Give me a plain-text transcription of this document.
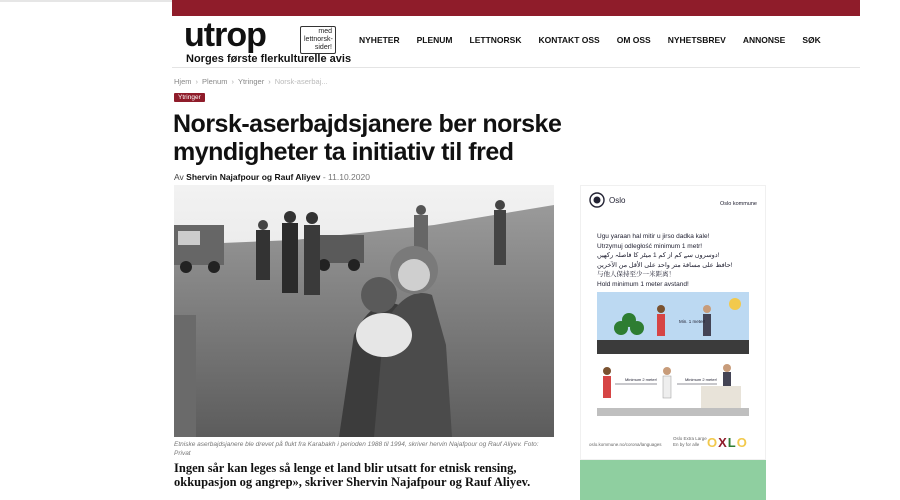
utrop	med lettnorsk-sider!
Norges første flerkulturelle avis
NYHETER PLENUM LETTNORSK KONTAKT OSS OM OSS NYHETSBREV ANNONSE SØK
Hjem › Plenum › Ytringer › Norsk-aserbaj...
Ytringer
Norsk-aserbajdsjanere ber norske myndigheter ta initiativ til fred
Av Shervin Najafpour og Rauf Aliyev - 11.10.2020
Etniske aserbajdsjanere ble drevet på flukt fra Karabakh i perioden 1988 til 1994, skriver hervin Najafpour og Rauf Aliyev. Foto: Privat
Ingen sår kan leges så lenge et land blir utsatt for etnisk rensing, okkupasjon og angrep», skriver Shervin Najafpour og Rauf Aliyev.
Oslo	Oslo kommune
Ugu yaraan hal mitir u jirso dadka kale!
Utrzymuj odległość minimum 1 metr!
دوسروں سے کم از کم 1 میٹر کا فاصلہ رکھیں!
حافظ على مسافة متر واحد على الأقل من الآخرين!
与他人保持至少一米距离！
Hold minimum 1 meter avstand!
Min. 1 meter!
Minimum 2 meter!	Minimum 2 meter!
oslo.kommune.no/corona/languages
Oslo Extra Large En by for alle OXLO
